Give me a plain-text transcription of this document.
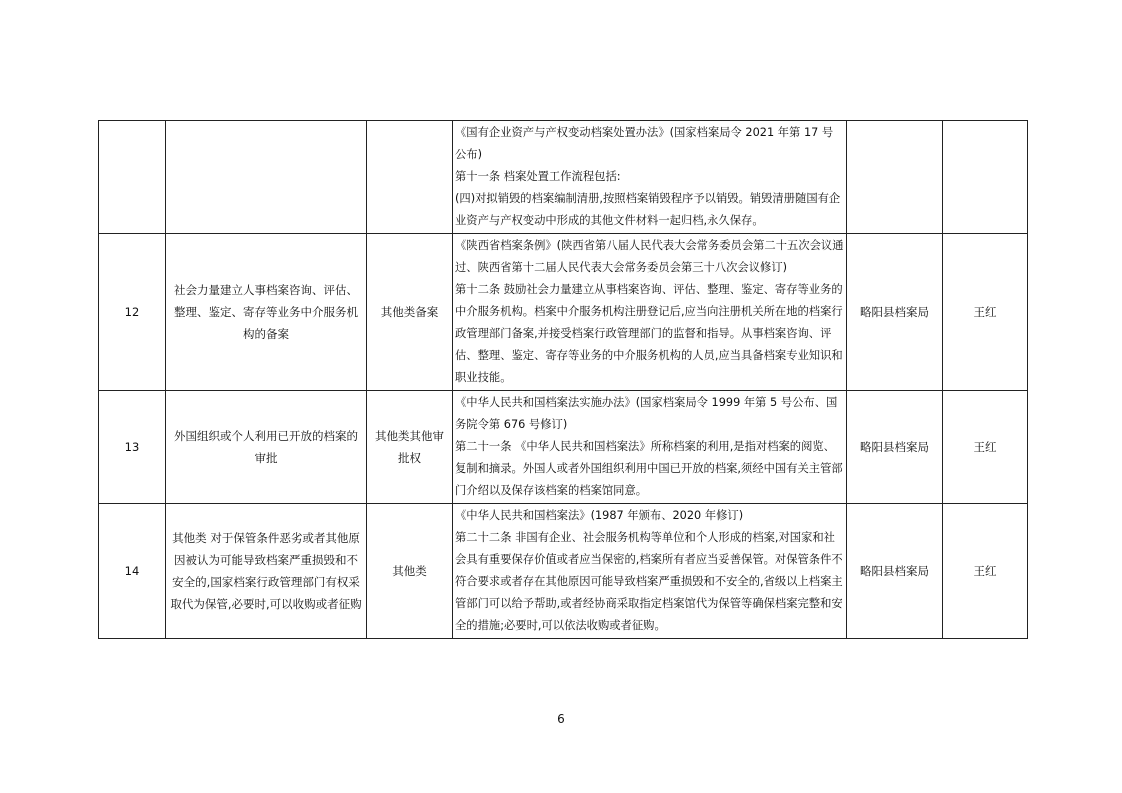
			《国有企业资产与产权变动档案处置办法》(国家档案局令 2021 年第 17 号公布)
第十一条 档案处置工作流程包括:
(四)对拟销毁的档案编制清册,按照档案销毁程序予以销毁。销毁清册随国有企业资产与产权变动中形成的其他文件材料一起归档,永久保存。		

12	社会力量建立人事档案咨询、评估、整理、鉴定、寄存等业务中介服务机构的备案	其他类备案	《陕西省档案条例》(陕西省第八届人民代表大会常务委员会第二十五次会议通过、陕西省第十二届人民代表大会常务委员会第三十八次会议修订)
第十二条 鼓励社会力量建立从事档案咨询、评估、整理、鉴定、寄存等业务的中介服务机构。档案中介服务机构注册登记后,应当向注册机关所在地的档案行政管理部门备案,并接受档案行政管理部门的监督和指导。从事档案咨询、评估、整理、鉴定、寄存等业务的中介服务机构的人员,应当具备档案专业知识和职业技能。	略阳县档案局	王红
13	外国组织或个人利用已开放的档案的审批	其他类其他审批权	《中华人民共和国档案法实施办法》(国家档案局令 1999 年第 5 号公布、国务院令第 676 号修订)
第二十一条 《中华人民共和国档案法》所称档案的利用,是指对档案的阅览、复制和摘录。外国人或者外国组织利用中国已开放的档案,须经中国有关主管部门介绍以及保存该档案的档案馆同意。	略阳县档案局	王红
14	其他类 对于保管条件恶劣或者其他原因被认为可能导致档案严重损毁和不安全的,国家档案行政管理部门有权采取代为保管,必要时,可以收购或者征购	其他类	《中华人民共和国档案法》(1987 年颁布、2020 年修订)
第二十二条 非国有企业、社会服务机构等单位和个人形成的档案,对国家和社会具有重要保存价值或者应当保密的,档案所有者应当妥善保管。对保管条件不符合要求或者存在其他原因可能导致档案严重损毁和不安全的,省级以上档案主管部门可以给予帮助,或者经协商采取指定档案馆代为保管等确保档案完整和安全的措施;必要时,可以依法收购或者征购。	略阳县档案局	王红
6
